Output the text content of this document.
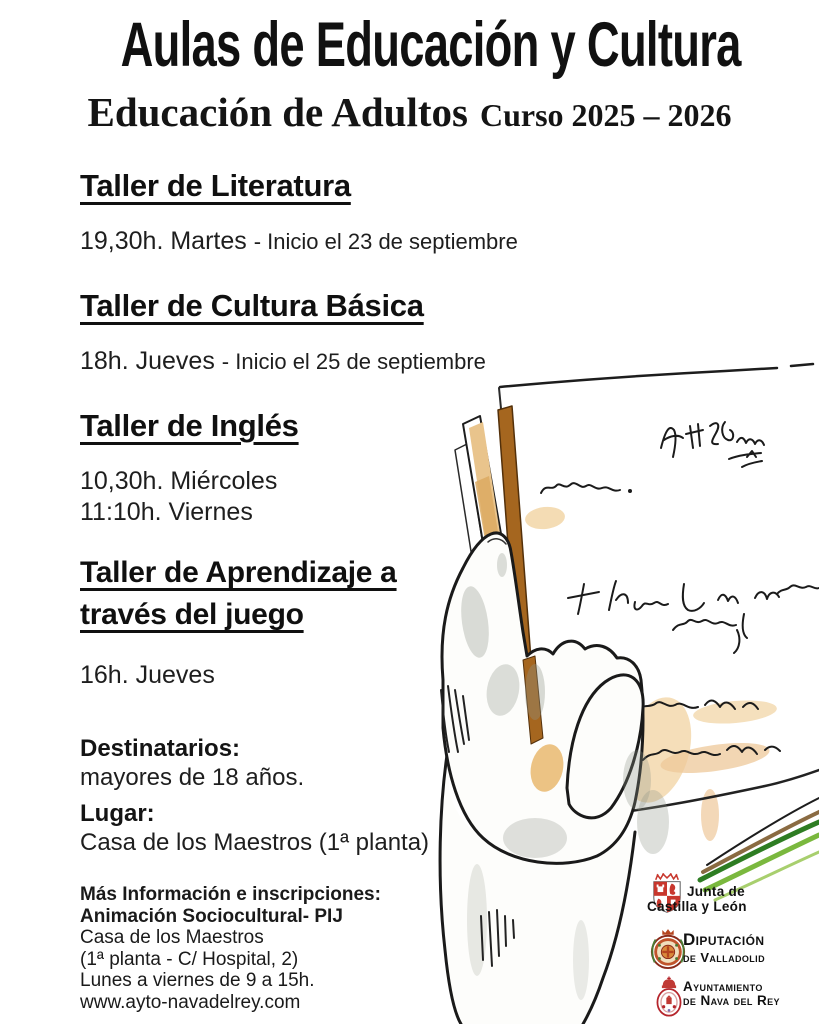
Aulas de Educación y Cultura
Educación de Adultos Curso 2025 – 2026
Taller de Literatura
19,30h. Martes - Inicio el 23 de septiembre
Taller de Cultura Básica
18h. Jueves - Inicio el 25 de septiembre
Taller de Inglés
10,30h. Miércoles
11:10h. Viernes
Taller de Aprendizaje a través del juego
16h. Jueves
Destinatarios:
mayores de 18 años.
Lugar:
Casa de los Maestros (1ª planta)
Más Información e inscripciones:
Animación Sociocultural- PIJ
Casa de los Maestros
(1ª planta - C/ Hospital, 2)
Lunes a viernes de 9 a 15h.
www.ayto-navadelrey.com
Junta de
Castilla y León
Diputación
de Valladolid
Ayuntamiento
de Nava del Rey
